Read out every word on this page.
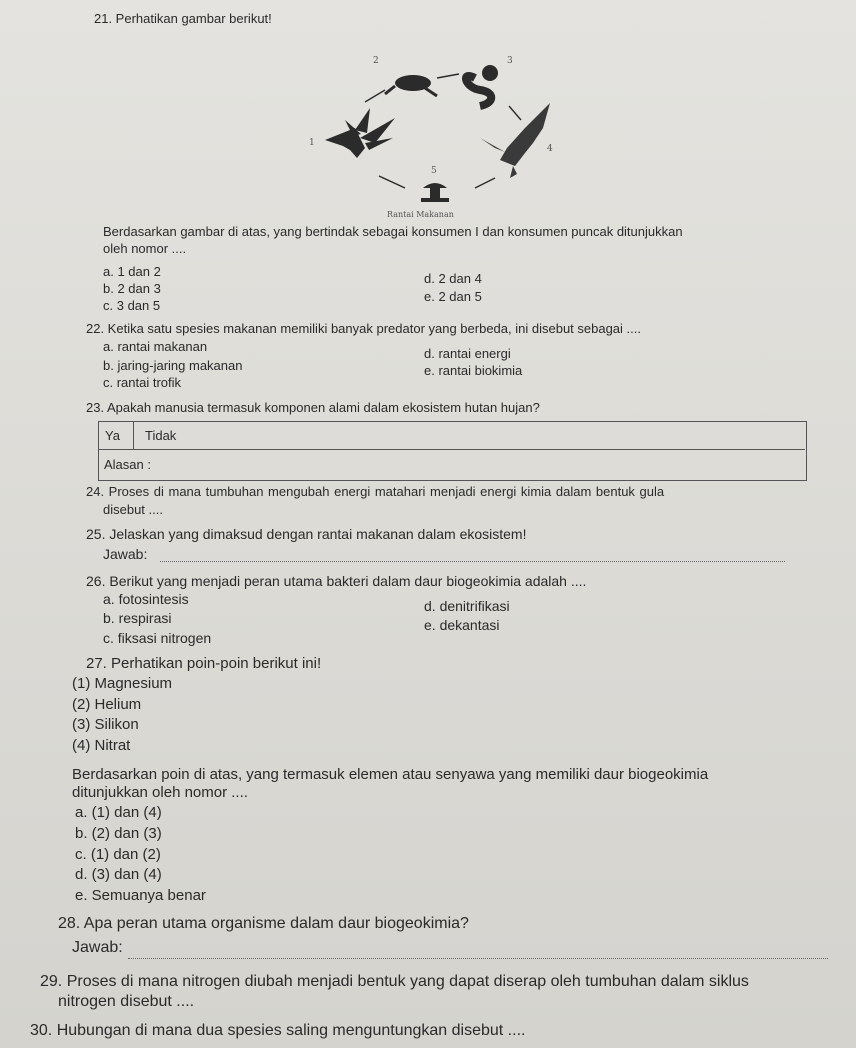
21. Perhatikan gambar berikut!
2	3
1
4
5
Rantai Makanan
Berdasarkan gambar di atas, yang bertindak sebagai konsumen I dan konsumen puncak ditunjukkan
oleh nomor ....
a. 1 dan 2
b. 2 dan 3
c. 3 dan 5
d. 2 dan 4
e. 2 dan 5
22. Ketika satu spesies makanan memiliki banyak predator yang berbeda, ini disebut sebagai ....
a. rantai makanan
b. jaring-jaring makanan
c. rantai trofik
d. rantai energi
e. rantai biokimia
23. Apakah manusia termasuk komponen alami dalam ekosistem hutan hujan?
Ya Tidak
Alasan :
24. Proses di mana tumbuhan mengubah energi matahari menjadi energi kimia dalam bentuk gula
disebut ....
25. Jelaskan yang dimaksud dengan rantai makanan dalam ekosistem!
Jawab:
26. Berikut yang menjadi peran utama bakteri dalam daur biogeokimia adalah ....
a. fotosintesis
b. respirasi
c. fiksasi nitrogen
d. denitrifikasi
e. dekantasi
27. Perhatikan poin-poin berikut ini!
(1) Magnesium
(2) Helium
(3) Silikon
(4) Nitrat
Berdasarkan poin di atas, yang termasuk elemen atau senyawa yang memiliki daur biogeokimia
ditunjukkan oleh nomor ....
a. (1) dan (4)
b. (2) dan (3)
c. (1) dan (2)
d. (3) dan (4)
e. Semuanya benar
28. Apa peran utama organisme dalam daur biogeokimia?
Jawab:
29. Proses di mana nitrogen diubah menjadi bentuk yang dapat diserap oleh tumbuhan dalam siklus
nitrogen disebut ....
30. Hubungan di mana dua spesies saling menguntungkan disebut ....
